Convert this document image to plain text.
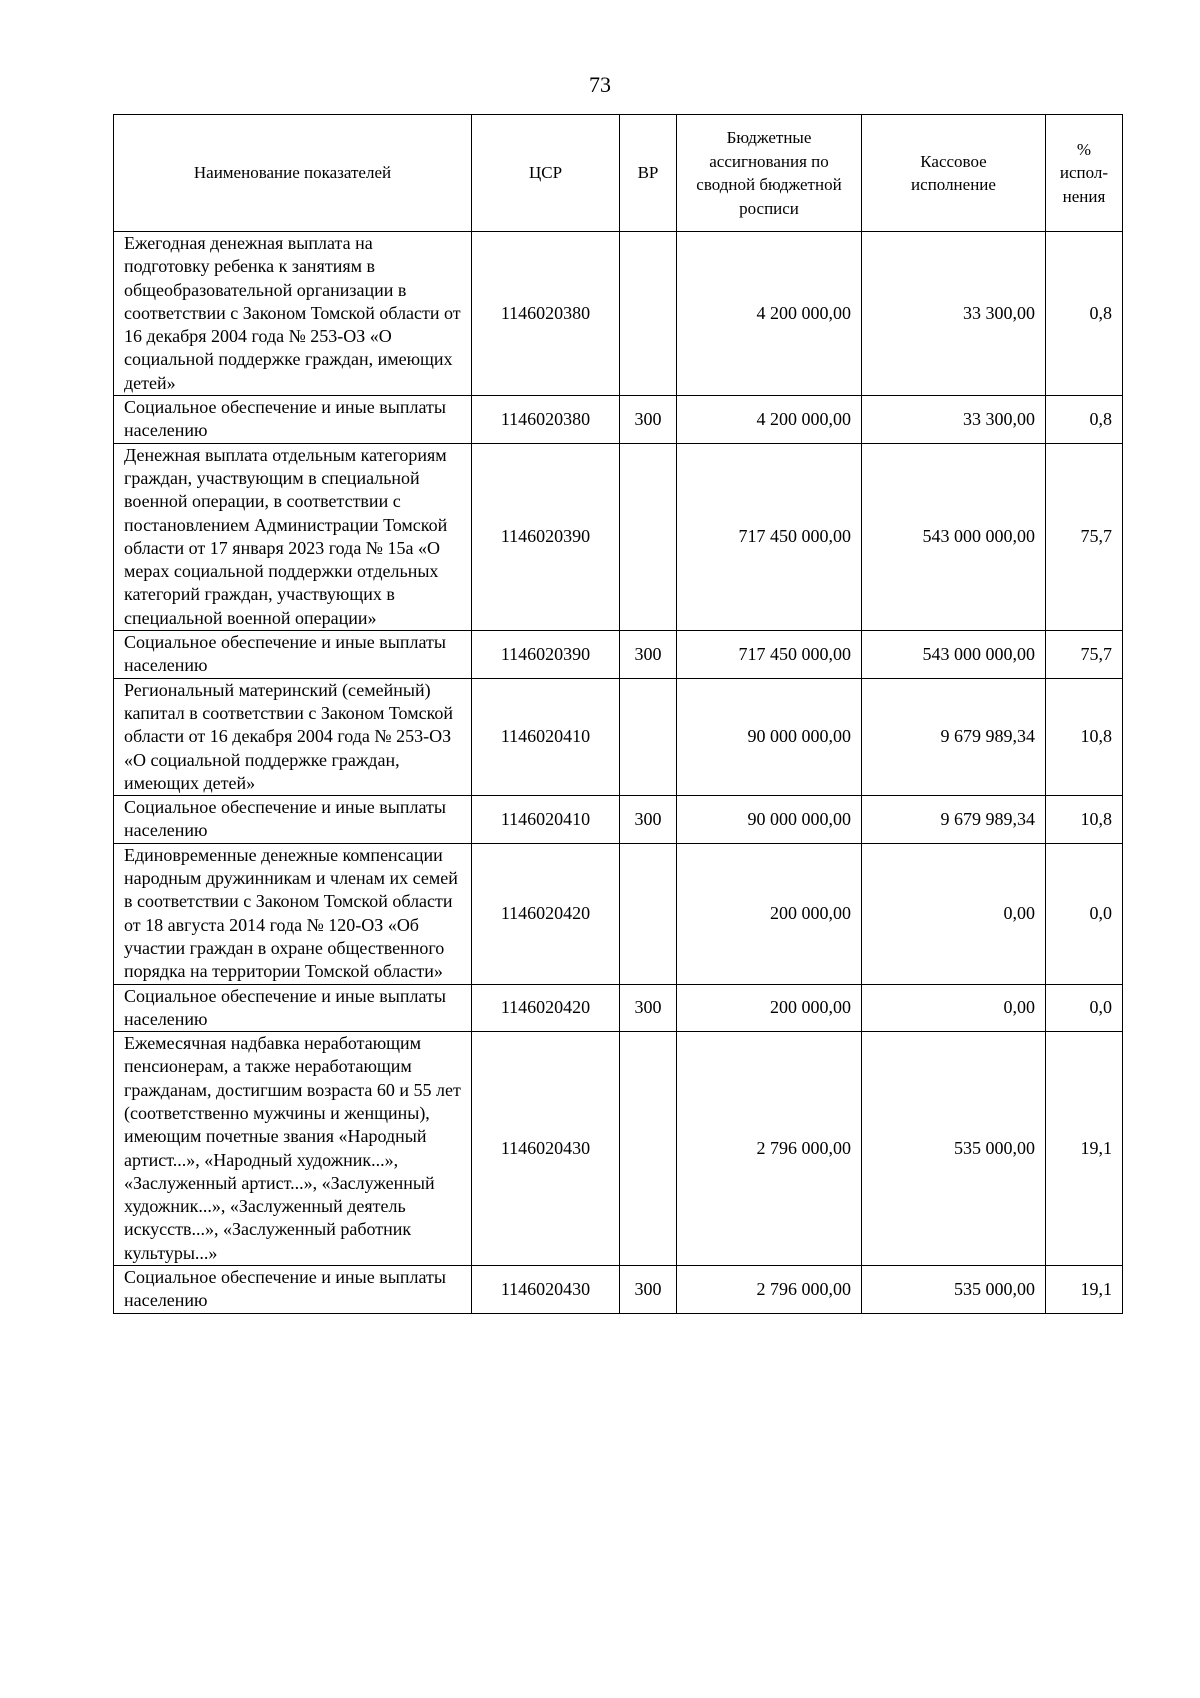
73
Наименование показателей	ЦСР	ВР	Бюджетные ассигнования по сводной бюджетной росписи	Кассовое исполнение	% испол-нения
Ежегодная денежная выплата на подготовку ребенка к занятиям в общеобразовательной организации в соответствии с Законом Томской области от 16 декабря 2004 года № 253-ОЗ «О социальной поддержке граждан, имеющих детей»	1146020380		4 200 000,00	33 300,00	0,8
Социальное обеспечение и иные выплаты населению	1146020380	300	4 200 000,00	33 300,00	0,8
Денежная выплата отдельным категориям граждан, участвующим в специальной военной операции, в соответствии с постановлением Администрации Томской области от 17 января 2023 года № 15а «О мерах социальной поддержки отдельных категорий граждан, участвующих в специальной военной операции»	1146020390		717 450 000,00	543 000 000,00	75,7
Социальное обеспечение и иные выплаты населению	1146020390	300	717 450 000,00	543 000 000,00	75,7
Региональный материнский (семейный) капитал в соответствии с Законом Томской области от 16 декабря 2004 года № 253-ОЗ «О социальной поддержке граждан, имеющих детей»	1146020410		90 000 000,00	9 679 989,34	10,8
Социальное обеспечение и иные выплаты населению	1146020410	300	90 000 000,00	9 679 989,34	10,8
Единовременные денежные компенсации народным дружинникам и членам их семей в соответствии с Законом Томской области от 18 августа 2014 года № 120-ОЗ «Об участии граждан в охране общественного порядка на территории Томской области»	1146020420		200 000,00	0,00	0,0
Социальное обеспечение и иные выплаты населению	1146020420	300	200 000,00	0,00	0,0
Ежемесячная надбавка неработающим пенсионерам, а также неработающим гражданам, достигшим возраста 60 и 55 лет (соответственно мужчины и женщины), имеющим почетные звания «Народный артист...», «Народный художник...», «Заслуженный артист...», «Заслуженный художник...», «Заслуженный деятель искусств...», «Заслуженный работник культуры...»	1146020430		2 796 000,00	535 000,00	19,1
Социальное обеспечение и иные выплаты населению	1146020430	300	2 796 000,00	535 000,00	19,1
